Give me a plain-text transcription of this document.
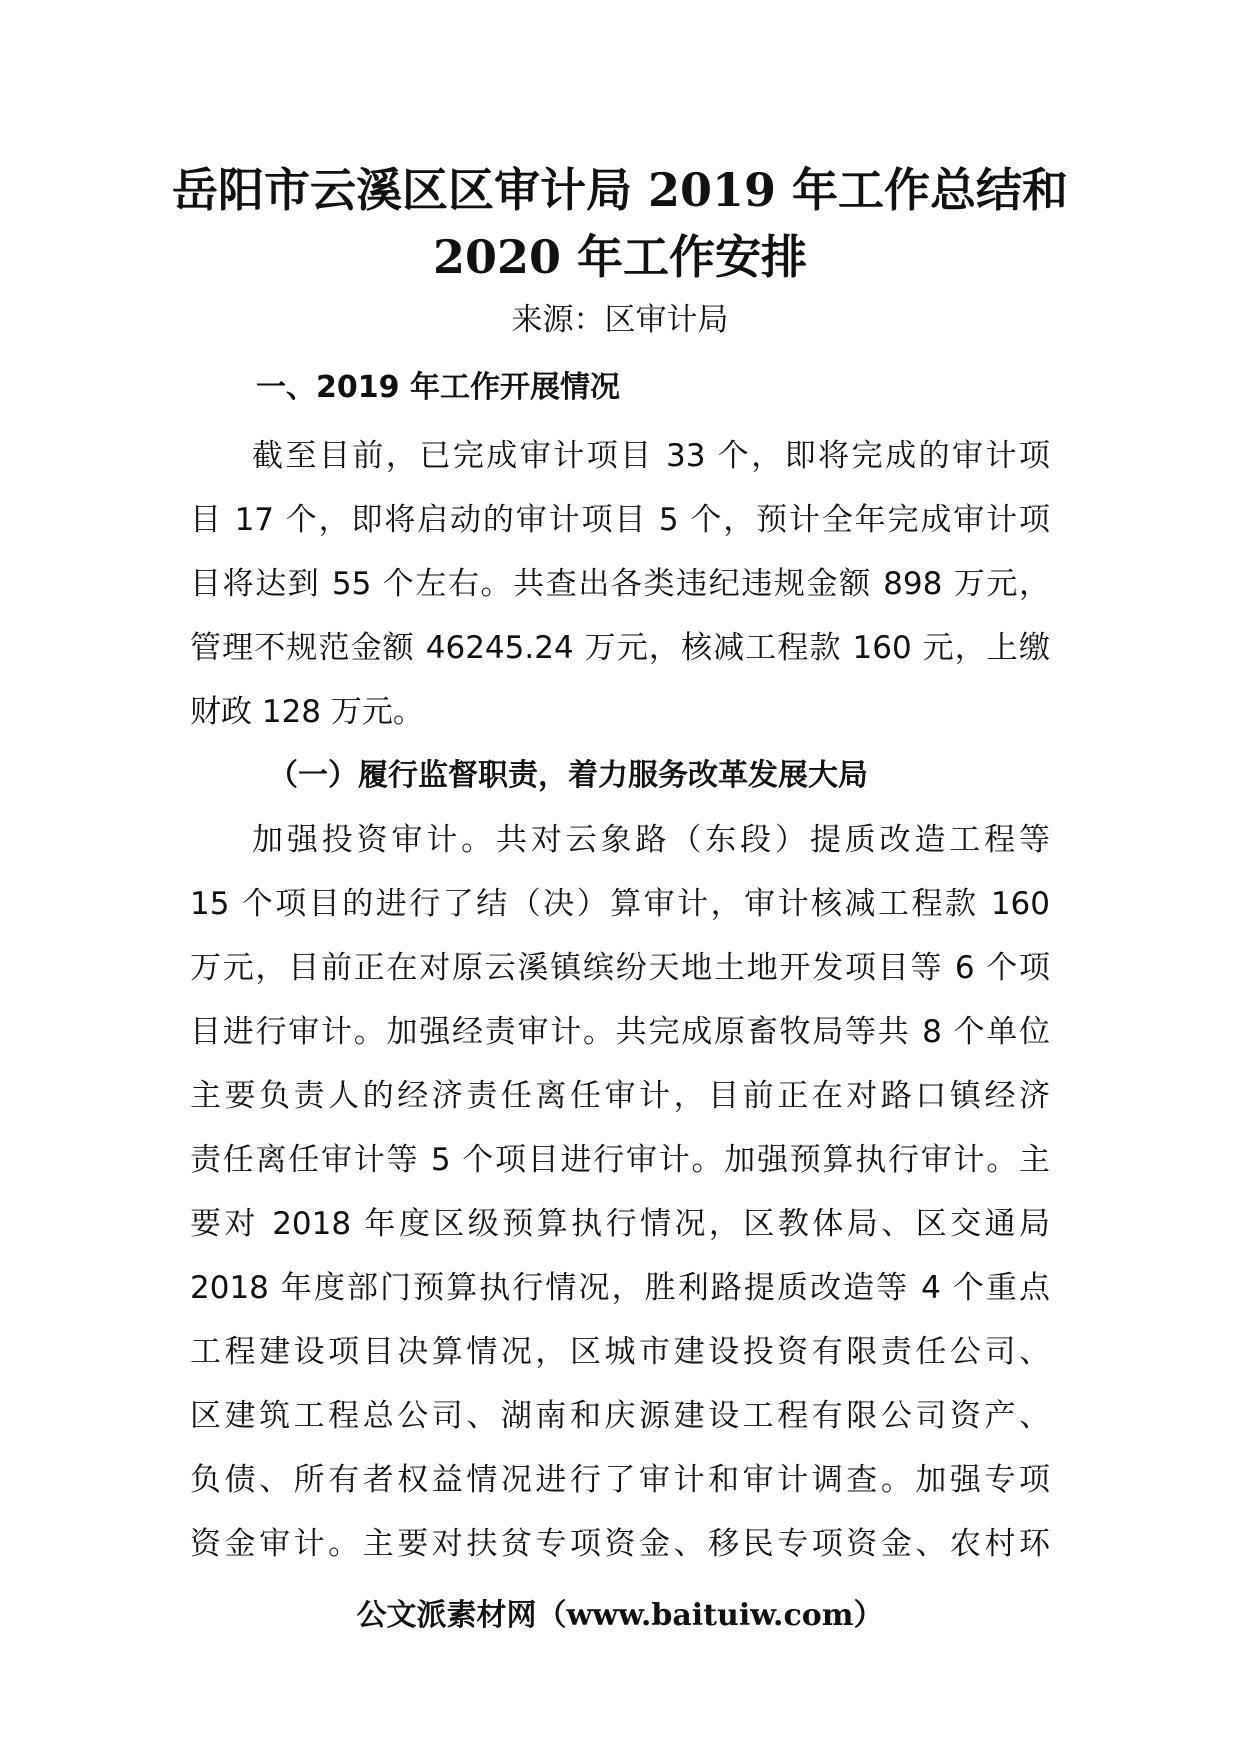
岳阳市云溪区区审计局 2019 年工作总结和
2020 年工作安排
来源：区审计局
一、2019 年工作开展情况
截至目前，已完成审计项目 33 个，即将完成的审计项
目 17 个，即将启动的审计项目 5 个，预计全年完成审计项
目将达到 55 个左右。共查出各类违纪违规金额 898 万元，
管理不规范金额 46245.24 万元，核减工程款 160 元，上缴
财政 128 万元。
（一）履行监督职责，着力服务改革发展大局
加强投资审计。共对云象路（东段）提质改造工程等
15 个项目的进行了结（决）算审计，审计核减工程款 160
万元，目前正在对原云溪镇缤纷天地土地开发项目等 6 个项
目进行审计。加强经责审计。共完成原畜牧局等共 8 个单位
主要负责人的经济责任离任审计，目前正在对路口镇经济
责任离任审计等 5 个项目进行审计。加强预算执行审计。主
要对 2018 年度区级预算执行情况，区教体局、区交通局
2018 年度部门预算执行情况，胜利路提质改造等 4 个重点
工程建设项目决算情况，区城市建设投资有限责任公司、
区建筑工程总公司、湖南和庆源建设工程有限公司资产、
负债、所有者权益情况进行了审计和审计调查。加强专项
资金审计。主要对扶贫专项资金、移民专项资金、农村环
公文派素材网（www.baituiw.com）
